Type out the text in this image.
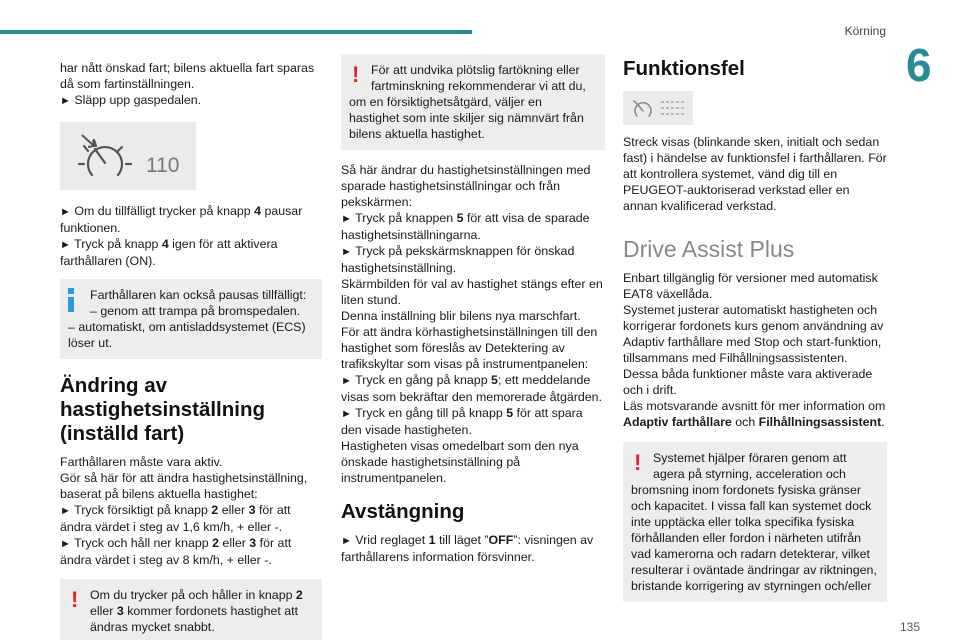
Körning
6

har nått önskad fart; bilens aktuella fart sparas
då som fartinställningen.

► Släpp upp gaspedalen.

110

► Om du tillfälligt trycker på knapp 4 pausar funktionen.

► Tryck på knapp 4 igen för att aktivera farthållaren (ON).

Farthållaren kan också pausas tillfälligt:

– genom att trampa på bromspedalen.

– automatiskt, om antisladdsystemet (ECS) löser ut.

Ändring av hastighetsinställning (inställd fart)

Farthållaren måste vara aktiv.

Gör så här för att ändra hastighetsinställning, baserat på bilens aktuella hastighet:

► Tryck försiktigt på knapp 2 eller 3 för att ändra värdet i steg av 1,6 km/h, + eller -.

► Tryck och håll ner knapp 2 eller 3 för att ändra värdet i steg av 8 km/h, + eller -.

! Om du trycker på och håller in knapp 2 eller 3 kommer fordonets hastighet att ändras mycket snabbt.

! För att undvika plötslig fartökning eller

fartminskning rekommenderar vi att du,

om en försiktighetsåtgärd, väljer en hastighet som inte skiljer sig nämnvärt från bilens aktuella hastighet.

Så här ändrar du hastighetsinställningen med sparade hastighetsinställningar och från pekskärmen:

► Tryck på knappen 5 för att visa de sparade hastighetsinställningarna.

► Tryck på pekskärmsknappen för önskad hastighetsinställning.

Skärmbilden för val av hastighet stängs efter en liten stund.

Denna inställning blir bilens nya marschfart.

För att ändra körhastighetsinställningen till den hastighet som föreslås av Detektering av trafikskyltar som visas på instrumentpanelen:

► Tryck en gång på knapp 5; ett meddelande visas som bekräftar den memorerade åtgärden.

► Tryck en gång till på knapp 5 för att spara den visade hastigheten.

Hastigheten visas omedelbart som den nya önskade hastighetsinställning på instrumentpanelen.

Avstängning

► Vrid reglaget 1 till läget ”OFF”: visningen av farthållarens information försvinner.

Funktionsfel

Streck visas (blinkande sken, initialt och sedan fast) i händelse av funktionsfel i farthållaren. För att kontrollera systemet, vänd dig till en PEUGEOT-auktoriserad verkstad eller en annan kvalificerad verkstad.

Drive Assist Plus

Enbart tillgänglig för versioner med automatisk EAT8 växellåda.

Systemet justerar automatiskt hastigheten och korrigerar fordonets kurs genom användning av Adaptiv farthållare med Stop och start-funktion, tillsammans med Filhållningsassistenten.

Dessa båda funktioner måste vara aktiverade och i drift.

Läs motsvarande avsnitt för mer information om Adaptiv farthållare och Filhållningsassistent.

! Systemet hjälper föraren genom att

agera på styrning, acceleration och

bromsning inom fordonets fysiska gränser och kapacitet. I vissa fall kan systemet dock inte upptäcka eller tolka specifika fysiska förhållanden eller fordon i närheten utifrån vad kamerorna och radarn detekterar, vilket resulterar i oväntade ändringar av riktningen, bristande korrigering av styrningen och/eller

135
